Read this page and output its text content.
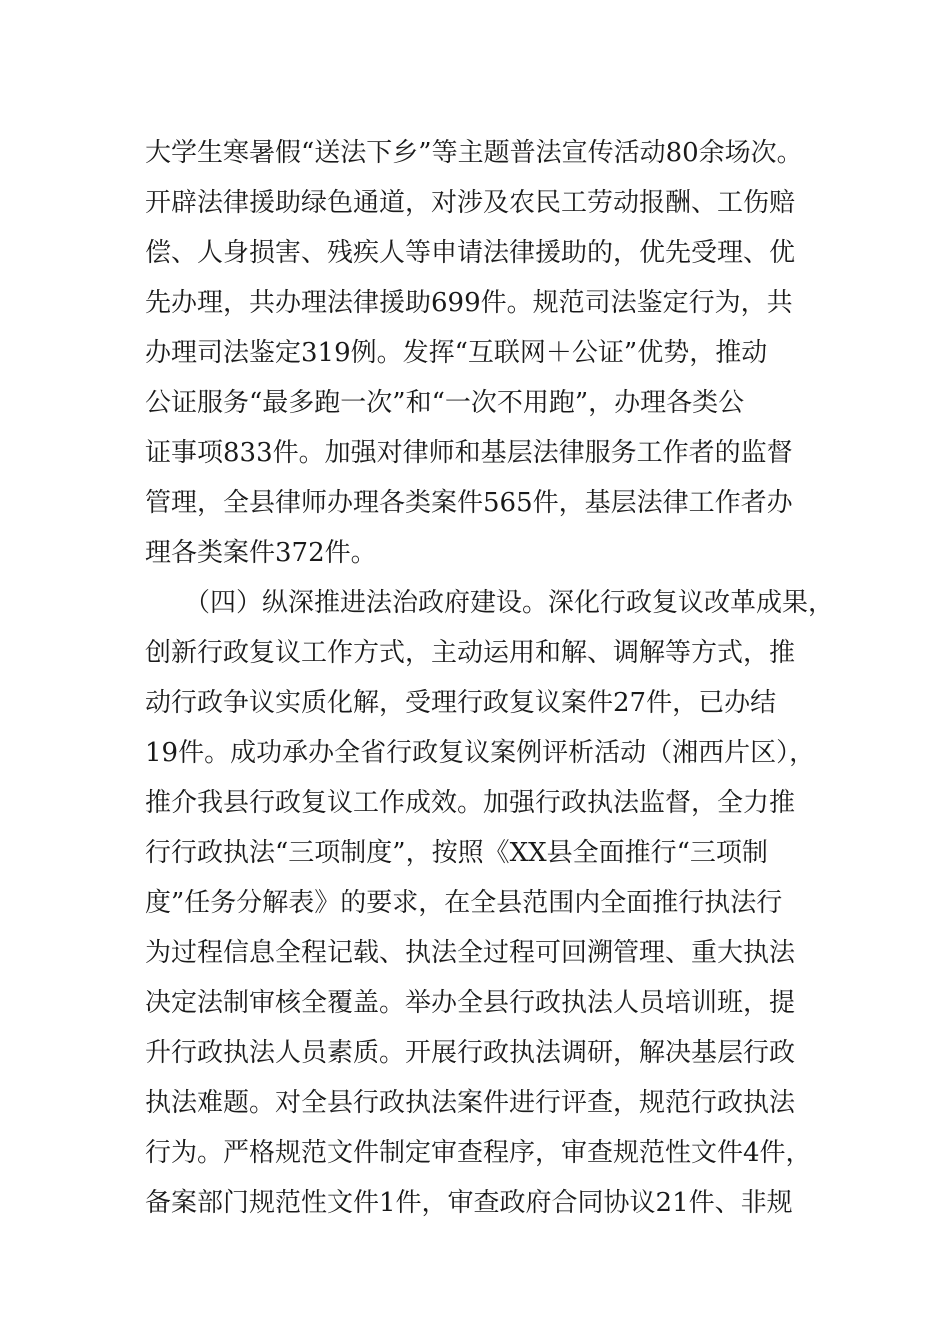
大学生寒暑假“送法下乡”等主题普法宣传活动80余场次。
开辟法律援助绿色通道，对涉及农民工劳动报酬、工伤赔
偿、人身损害、残疾人等申请法律援助的，优先受理、优
先办理，共办理法律援助699件。规范司法鉴定行为，共
办理司法鉴定319例。发挥“互联网＋公证”优势，推动
公证服务“最多跑一次”和“一次不用跑”，办理各类公
证事项833件。加强对律师和基层法律服务工作者的监督
管理，全县律师办理各类案件565件，基层法律工作者办
理各类案件372件。
　　（四）纵深推进法治政府建设。深化行政复议改革成果，
创新行政复议工作方式，主动运用和解、调解等方式，推
动行政争议实质化解，受理行政复议案件27件，已办结
19件。成功承办全省行政复议案例评析活动（湘西片区），
推介我县行政复议工作成效。加强行政执法监督，全力推
行行政执法“三项制度”，按照《XX县全面推行“三项制
度”任务分解表》的要求，在全县范围内全面推行执法行
为过程信息全程记载、执法全过程可回溯管理、重大执法
决定法制审核全覆盖。举办全县行政执法人员培训班，提
升行政执法人员素质。开展行政执法调研，解决基层行政
执法难题。对全县行政执法案件进行评查，规范行政执法
行为。严格规范文件制定审查程序，审查规范性文件4件，
备案部门规范性文件1件，审查政府合同协议21件、非规
